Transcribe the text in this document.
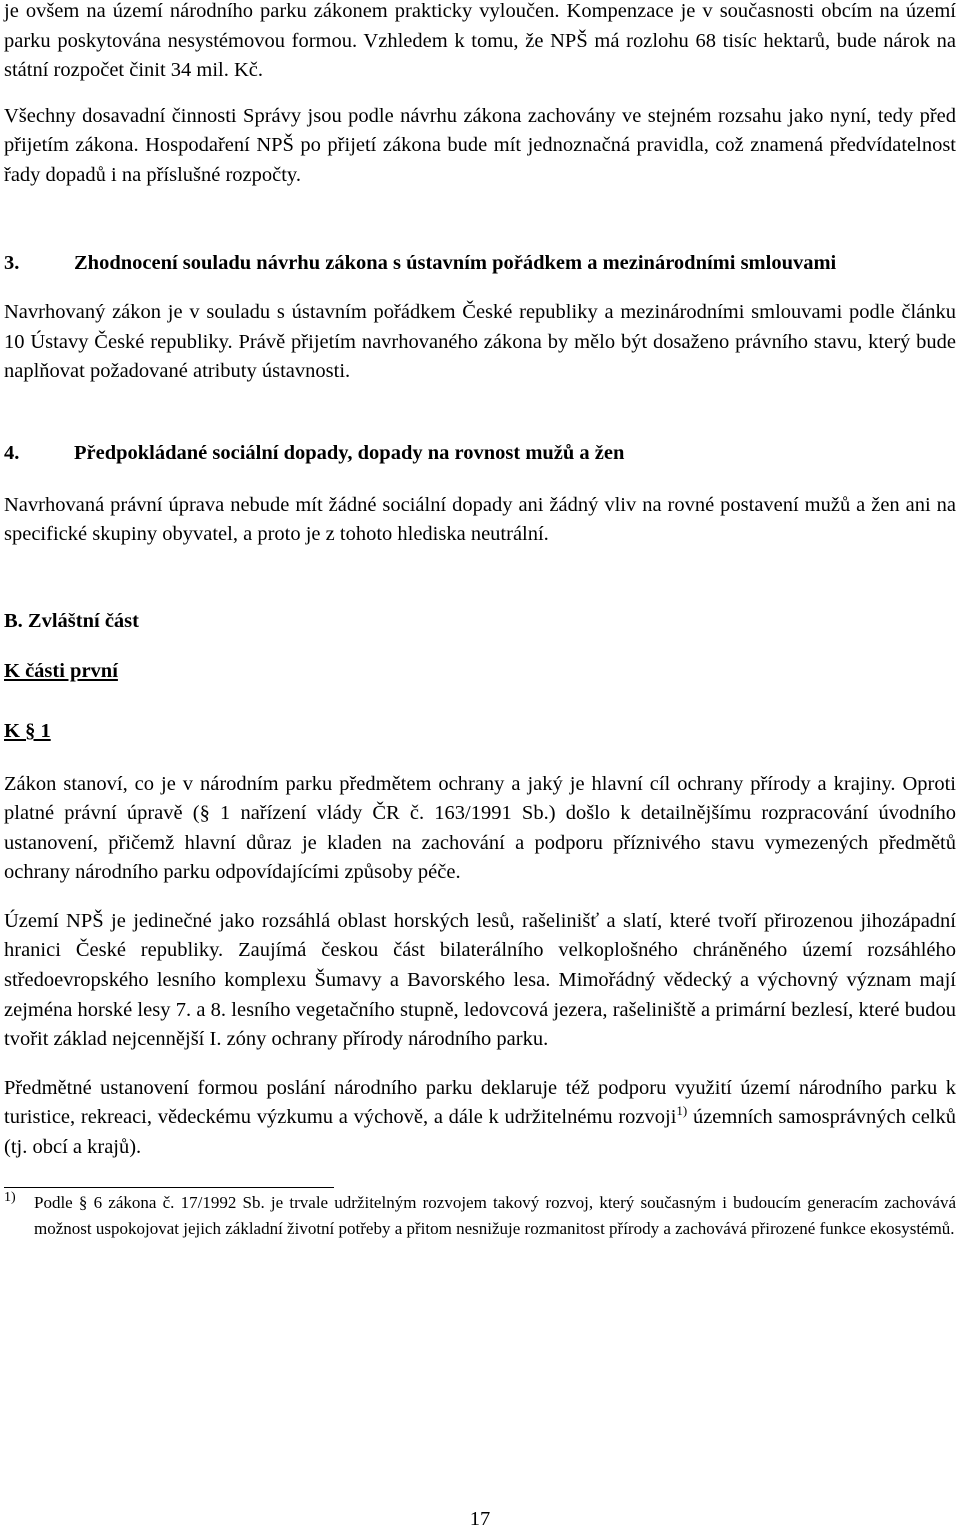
je ovšem na území národního parku zákonem prakticky vyloučen. Kompenzace je v současnosti obcím na území parku poskytována nesystémovou formou. Vzhledem k tomu, že NPŠ má rozlohu 68 tisíc hektarů, bude nárok na státní rozpočet činit 34 mil. Kč.

Všechny dosavadní činnosti Správy jsou podle návrhu zákona zachovány ve stejném rozsahu jako nyní, tedy před přijetím zákona. Hospodaření NPŠ po přijetí zákona bude mít jednoznačná pravidla, což znamená předvídatelnost řady dopadů i na příslušné rozpočty.

3.	Zhodnocení souladu návrhu zákona s ústavním pořádkem a mezinárodními smlouvami

Navrhovaný zákon je v souladu s ústavním pořádkem České republiky a mezinárodními smlouvami podle článku 10 Ústavy České republiky. Právě přijetím navrhovaného zákona by mělo být dosaženo právního stavu, který bude naplňovat požadované atributy ústavnosti.

4.	Předpokládané sociální dopady, dopady na rovnost mužů a žen

Navrhovaná právní úprava nebude mít žádné sociální dopady ani žádný vliv na rovné postavení mužů a žen ani na specifické skupiny obyvatel, a proto je z tohoto hlediska neutrální.

B. Zvláštní část

K části první

K § 1

Zákon stanoví, co je v národním parku předmětem ochrany a jaký je hlavní cíl ochrany přírody a krajiny. Oproti platné právní úpravě (§ 1 nařízení vlády ČR č. 163/1991 Sb.) došlo k detailnějšímu rozpracování úvodního ustanovení, přičemž hlavní důraz je kladen na zachování a podporu příznivého stavu vymezených předmětů ochrany národního parku odpovídajícími způsoby péče.

Území NPŠ je jedinečné jako rozsáhlá oblast horských lesů, rašelinišť a slatí, které tvoří přirozenou jihozápadní hranici České republiky. Zaujímá českou část bilaterálního velkoplošného chráněného území rozsáhlého středoevropského lesního komplexu Šumavy a Bavorského lesa. Mimořádný vědecký a výchovný význam mají zejména horské lesy 7. a 8. lesního vegetačního stupně, ledovcová jezera, rašeliniště a primární bezlesí, které budou tvořit základ nejcennější I. zóny ochrany přírody národního parku.

Předmětné ustanovení formou poslání národního parku deklaruje též podporu využití území národního parku k turistice, rekreaci, vědeckému výzkumu a výchově, a dále k udržitelnému rozvoji$^{1)}$ územních samosprávných celků (tj. obcí a krajů).

1)	Podle § 6 zákona č. 17/1992 Sb. je trvale udržitelným rozvojem takový rozvoj, který současným i budoucím generacím zachovává možnost uspokojovat jejich základní životní potřeby a přitom nesnižuje rozmanitost přírody a zachovává přirozené funkce ekosystémů.
17
